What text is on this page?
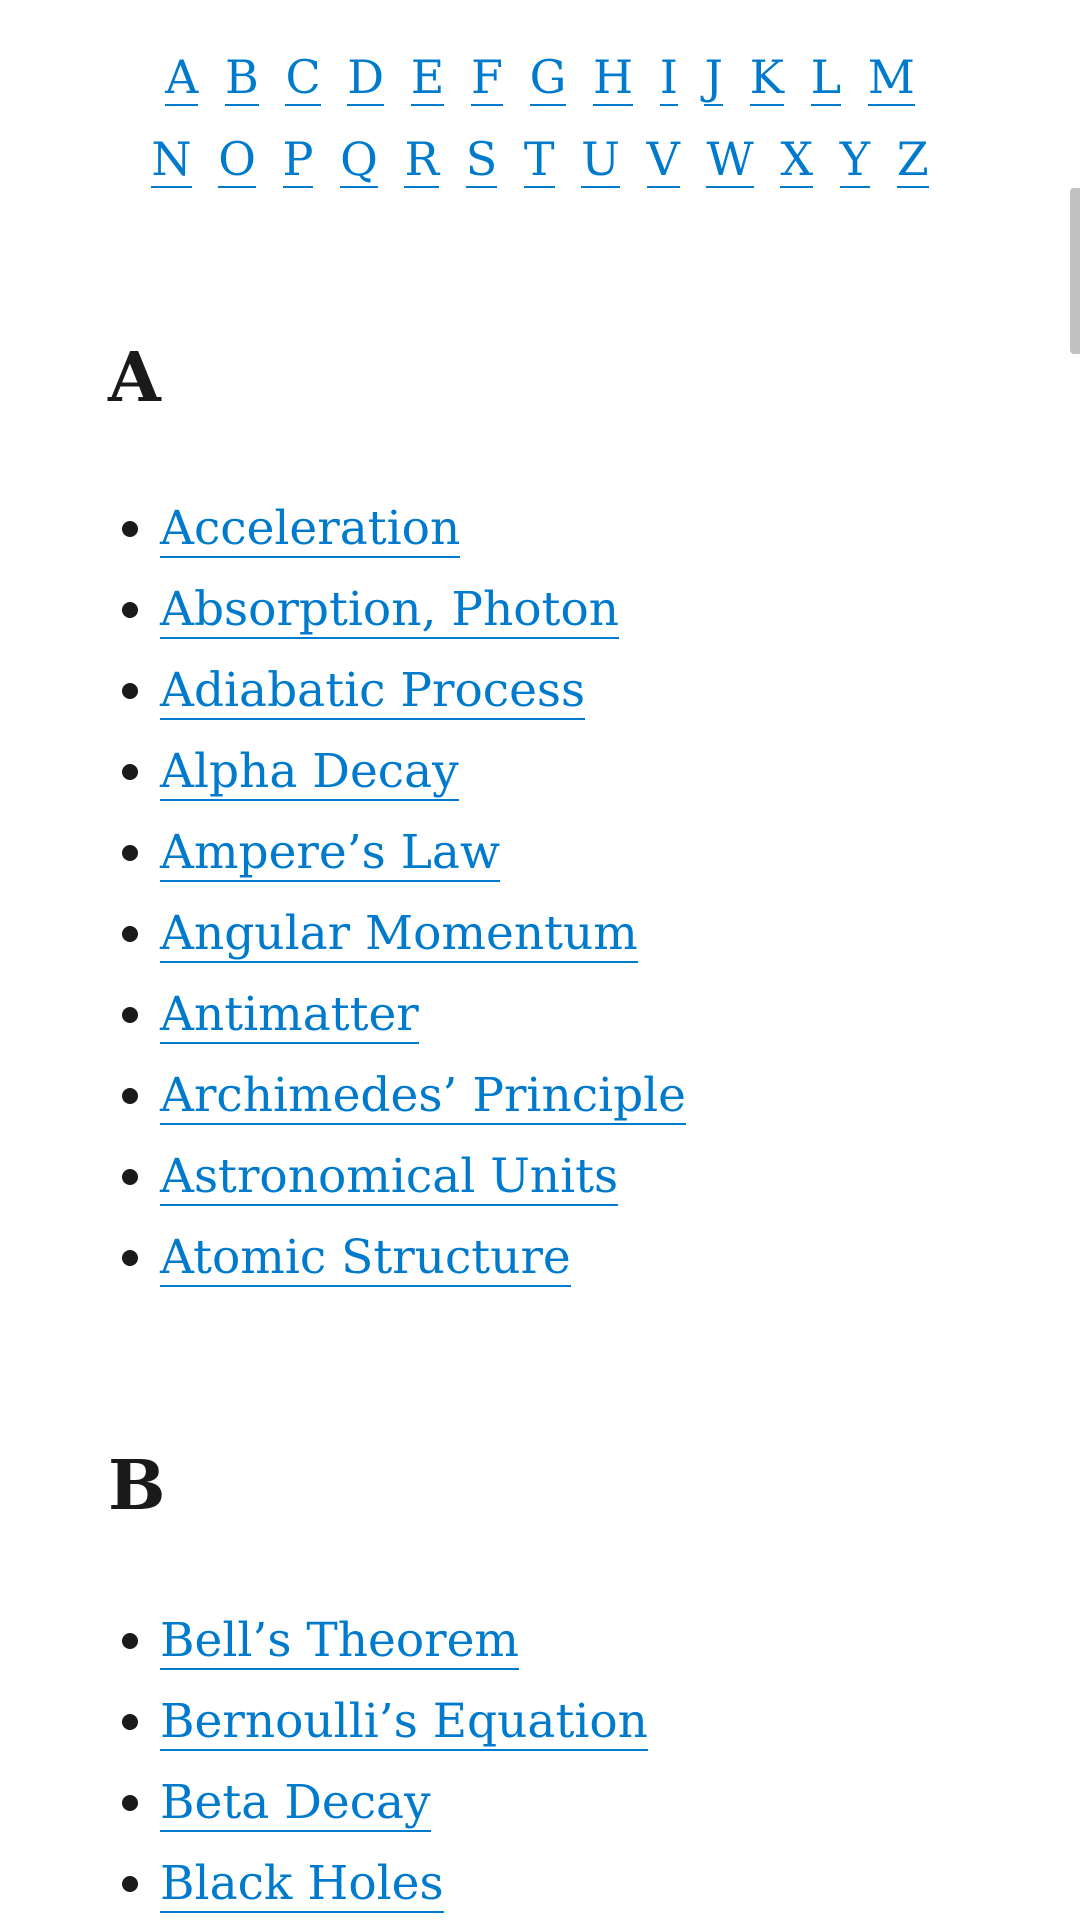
A B C D E F G H I J K L M
N O P Q R S T U V W X Y Z
A
Acceleration
Absorption, Photon
Adiabatic Process
Alpha Decay
Ampere’s Law
Angular Momentum
Antimatter
Archimedes’ Principle
Astronomical Units
Atomic Structure
B
Bell’s Theorem
Bernoulli’s Equation
Beta Decay
Black Holes
